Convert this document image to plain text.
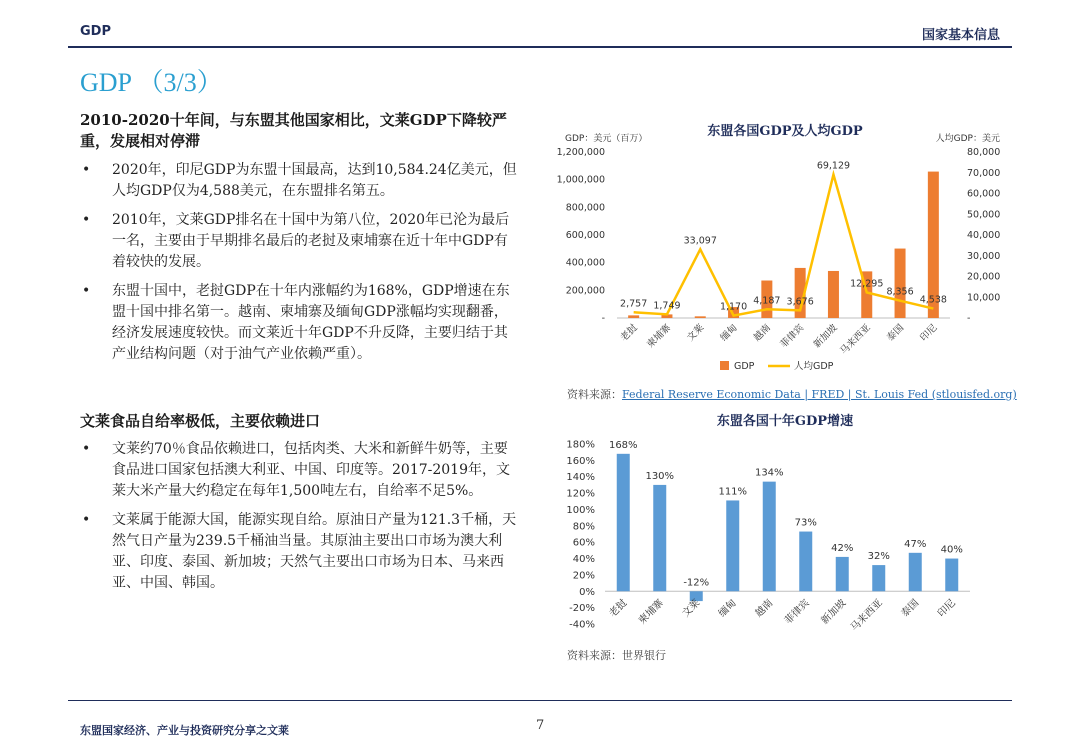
GDP	国家基本信息
GDP （3/3）
2010-2020十年间，与东盟其他国家相比，文莱GDP下降较严重，发展相对停滞
• 2020年，印尼GDP为东盟十国最高，达到10,584.24亿美元，但人均GDP仅为4,588美元，在东盟排名第五。
• 2010年，文莱GDP排名在十国中为第八位，2020年已沦为最后一名，主要由于早期排名最后的老挝及柬埔寨在近十年中GDP有着较快的发展。
• 东盟十国中，老挝GDP在十年内涨幅约为168%，GDP增速在东盟十国中排名第一。越南、柬埔寨及缅甸GDP涨幅均实现翻番，经济发展速度较快。而文莱近十年GDP不升反降，主要归结于其产业结构问题（对于油气产业依赖严重）。
文莱食品自给率极低，主要依赖进口
• 文莱约70％食品依赖进口，包括肉类、大米和新鲜牛奶等，主要食品进口国家包括澳大利亚、中国、印度等。2017-2019年，文莱大米产量大约稳定在每年1,500吨左右，自给率不足5%。
• 文莱属于能源大国，能源实现自给。原油日产量为121.3千桶，天然气日产量为239.5千桶油当量。其原油主要出口市场为澳大利亚、印度、泰国、新加坡；天然气主要出口市场为日本、马来西亚、中国、韩国。
东盟各国GDP及人均GDP
GDP：美元（百万）	人均GDP：美元
-
200,000
400,000
600,000
800,000
1,000,000
1,200,000
-
10,000
20,000
30,000
40,000
50,000
60,000
70,000
80,000
2,757 1,749
33,097
1,170
4,187 3,676
69,129
12,295
8,356
4,538
老挝 柬埔寨 文莱 缅甸 越南 菲律宾 新加坡
马来西亚 泰国 印尼
GDP	人均GDP
资料来源：Federal Reserve Economic Data | FRED | St. Louis Fed (stlouisfed.org)
东盟各国十年GDP增速
-40%
-20%
0%
20%
40%
60%
80%
100%
120%
140%
160%
180% 168%
130%
-12%
111%
134%
73%
42%
32%
47%
40%
老挝 柬埔寨 文莱 缅甸 越南 菲律宾 新加坡 马来西亚 泰国 印尼
资料来源：世界银行
东盟国家经济、产业与投资研究分享之文莱	7
